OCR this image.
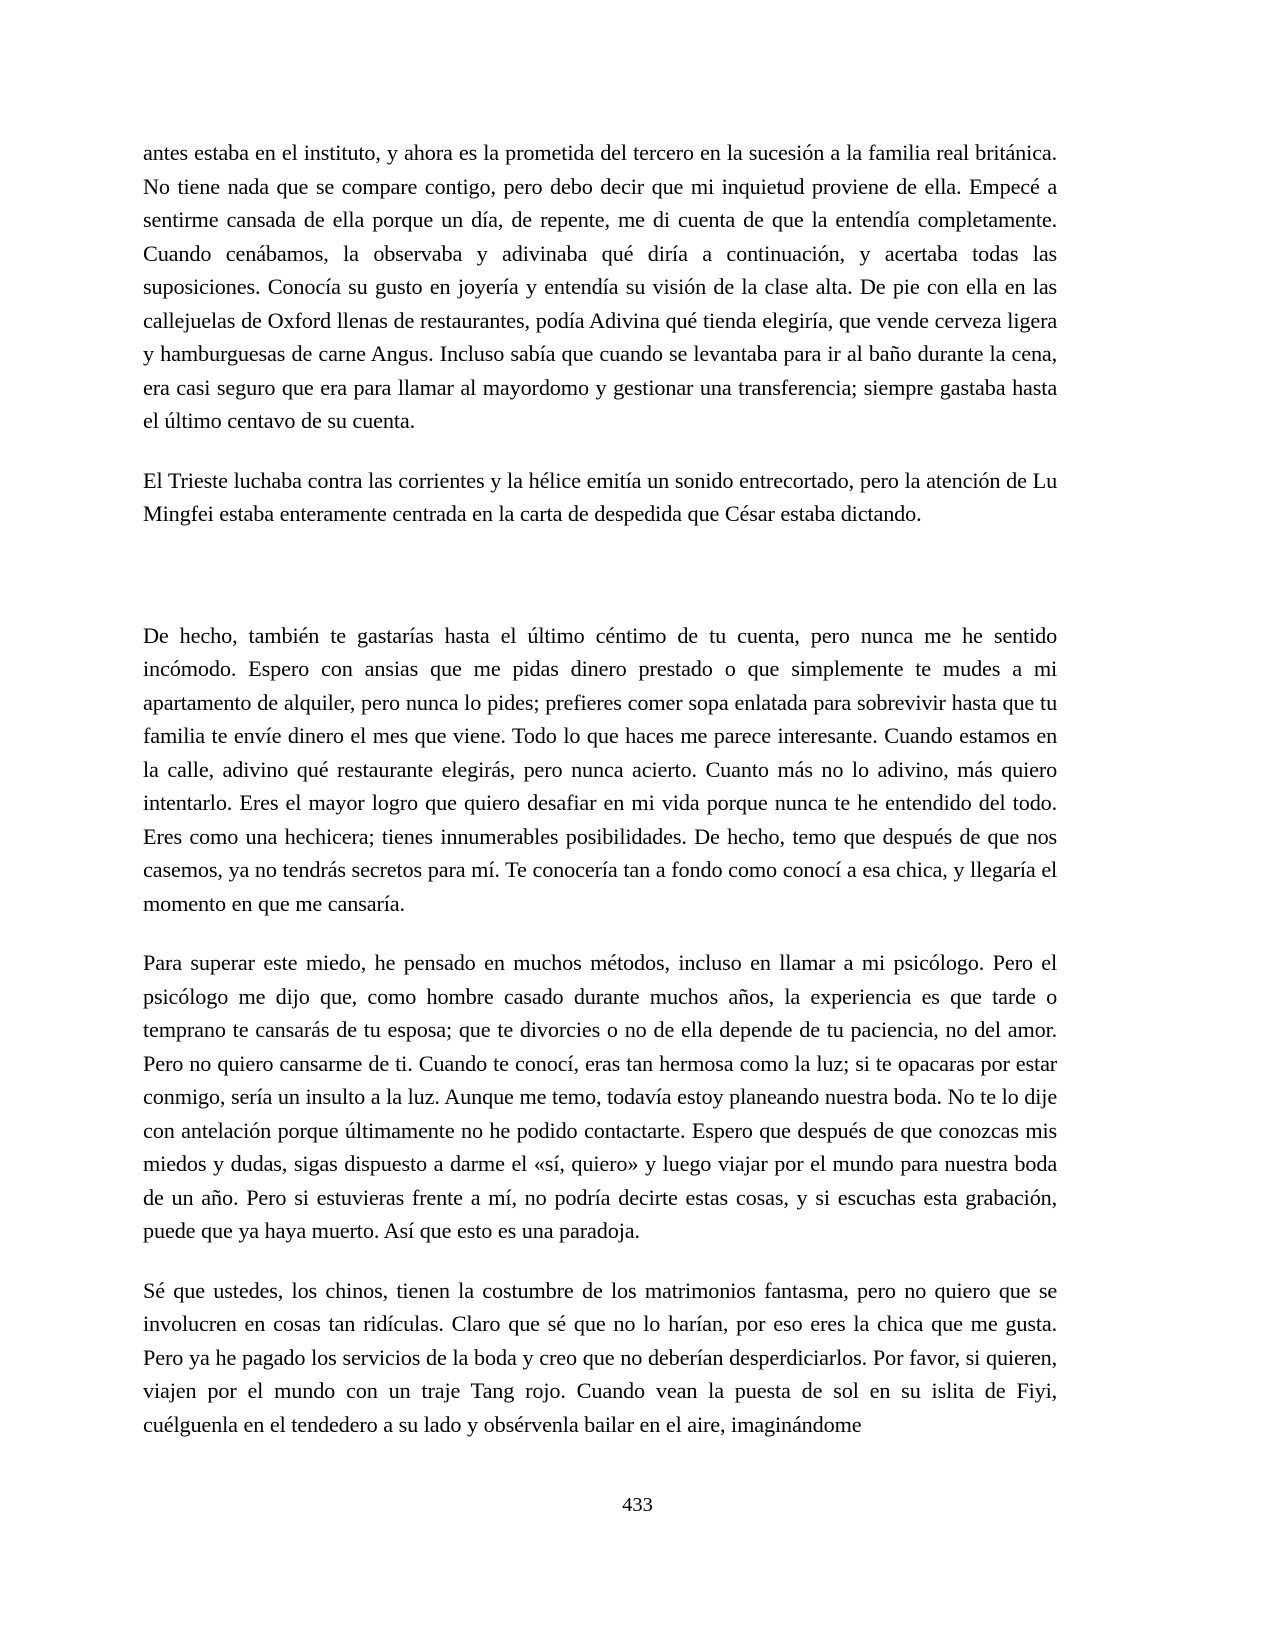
antes estaba en el instituto, y ahora es la prometida del tercero en la sucesión a la familia real británica. No tiene nada que se compare contigo, pero debo decir que mi inquietud proviene de ella. Empecé a sentirme cansada de ella porque un día, de repente, me di cuenta de que la entendía completamente. Cuando cenábamos, la observaba y adivinaba qué diría a continuación, y acertaba todas las suposiciones. Conocía su gusto en joyería y entendía su visión de la clase alta. De pie con ella en las callejuelas de Oxford llenas de restaurantes, podía Adivina qué tienda elegiría, que vende cerveza ligera y hamburguesas de carne Angus. Incluso sabía que cuando se levantaba para ir al baño durante la cena, era casi seguro que era para llamar al mayordomo y gestionar una transferencia; siempre gastaba hasta el último centavo de su cuenta.

El Trieste luchaba contra las corrientes y la hélice emitía un sonido entrecortado, pero la atención de Lu Mingfei estaba enteramente centrada en la carta de despedida que César estaba dictando.

De hecho, también te gastarías hasta el último céntimo de tu cuenta, pero nunca me he sentido incómodo. Espero con ansias que me pidas dinero prestado o que simplemente te mudes a mi apartamento de alquiler, pero nunca lo pides; prefieres comer sopa enlatada para sobrevivir hasta que tu familia te envíe dinero el mes que viene. Todo lo que haces me parece interesante. Cuando estamos en la calle, adivino qué restaurante elegirás, pero nunca acierto. Cuanto más no lo adivino, más quiero intentarlo. Eres el mayor logro que quiero desafiar en mi vida porque nunca te he entendido del todo. Eres como una hechicera; tienes innumerables posibilidades. De hecho, temo que después de que nos casemos, ya no tendrás secretos para mí. Te conocería tan a fondo como conocí a esa chica, y llegaría el momento en que me cansaría.

Para superar este miedo, he pensado en muchos métodos, incluso en llamar a mi psicólogo. Pero el psicólogo me dijo que, como hombre casado durante muchos años, la experiencia es que tarde o temprano te cansarás de tu esposa; que te divorcies o no de ella depende de tu paciencia, no del amor. Pero no quiero cansarme de ti. Cuando te conocí, eras tan hermosa como la luz; si te opacaras por estar conmigo, sería un insulto a la luz. Aunque me temo, todavía estoy planeando nuestra boda. No te lo dije con antelación porque últimamente no he podido contactarte. Espero que después de que conozcas mis miedos y dudas, sigas dispuesto a darme el «sí, quiero» y luego viajar por el mundo para nuestra boda de un año. Pero si estuvieras frente a mí, no podría decirte estas cosas, y si escuchas esta grabación, puede que ya haya muerto. Así que esto es una paradoja.

Sé que ustedes, los chinos, tienen la costumbre de los matrimonios fantasma, pero no quiero que se involucren en cosas tan ridículas. Claro que sé que no lo harían, por eso eres la chica que me gusta. Pero ya he pagado los servicios de la boda y creo que no deberían desperdiciarlos. Por favor, si quieren, viajen por el mundo con un traje Tang rojo. Cuando vean la puesta de sol en su islita de Fiyi, cuélguenla en el tendedero a su lado y obsérvenla bailar en el aire, imaginándome

433
